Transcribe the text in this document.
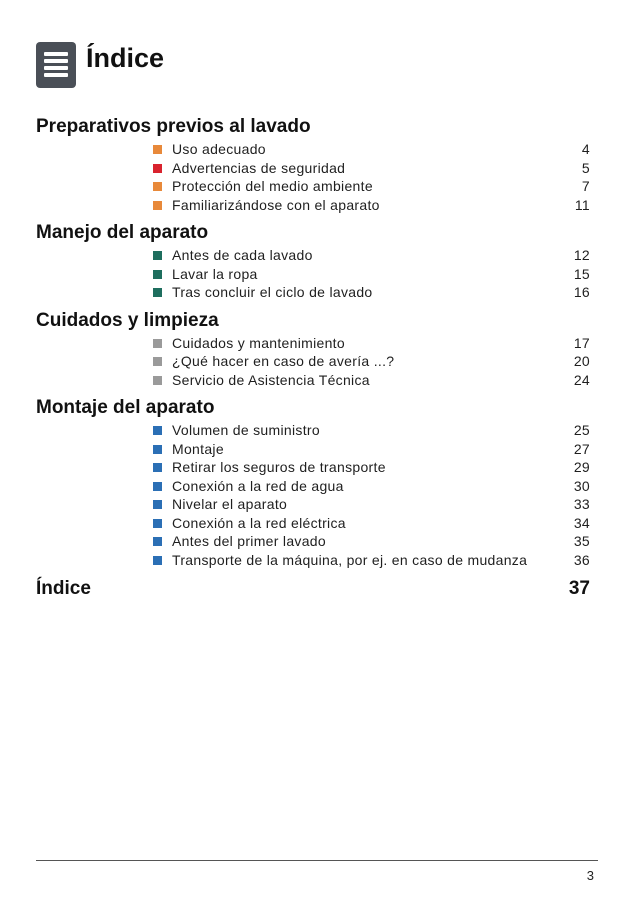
Índice
Preparativos previos al lavado
Uso adecuado	4
Advertencias de seguridad	5
Protección del medio ambiente	7
Familiarizándose con el aparato	11
Manejo del aparato
Antes de cada lavado	12
Lavar la ropa	15
Tras concluir el ciclo de lavado	16
Cuidados y limpieza
Cuidados y mantenimiento	17
¿Qué hacer en caso de avería ...?	20
Servicio de Asistencia Técnica	24
Montaje del aparato
Volumen de suministro	25
Montaje	27
Retirar los seguros de transporte	29
Conexión a la red de agua	30
Nivelar el aparato	33
Conexión a la red eléctrica	34
Antes del primer lavado	35
Transporte de la máquina, por ej. en caso de mudanza	36
Índice	37
3
